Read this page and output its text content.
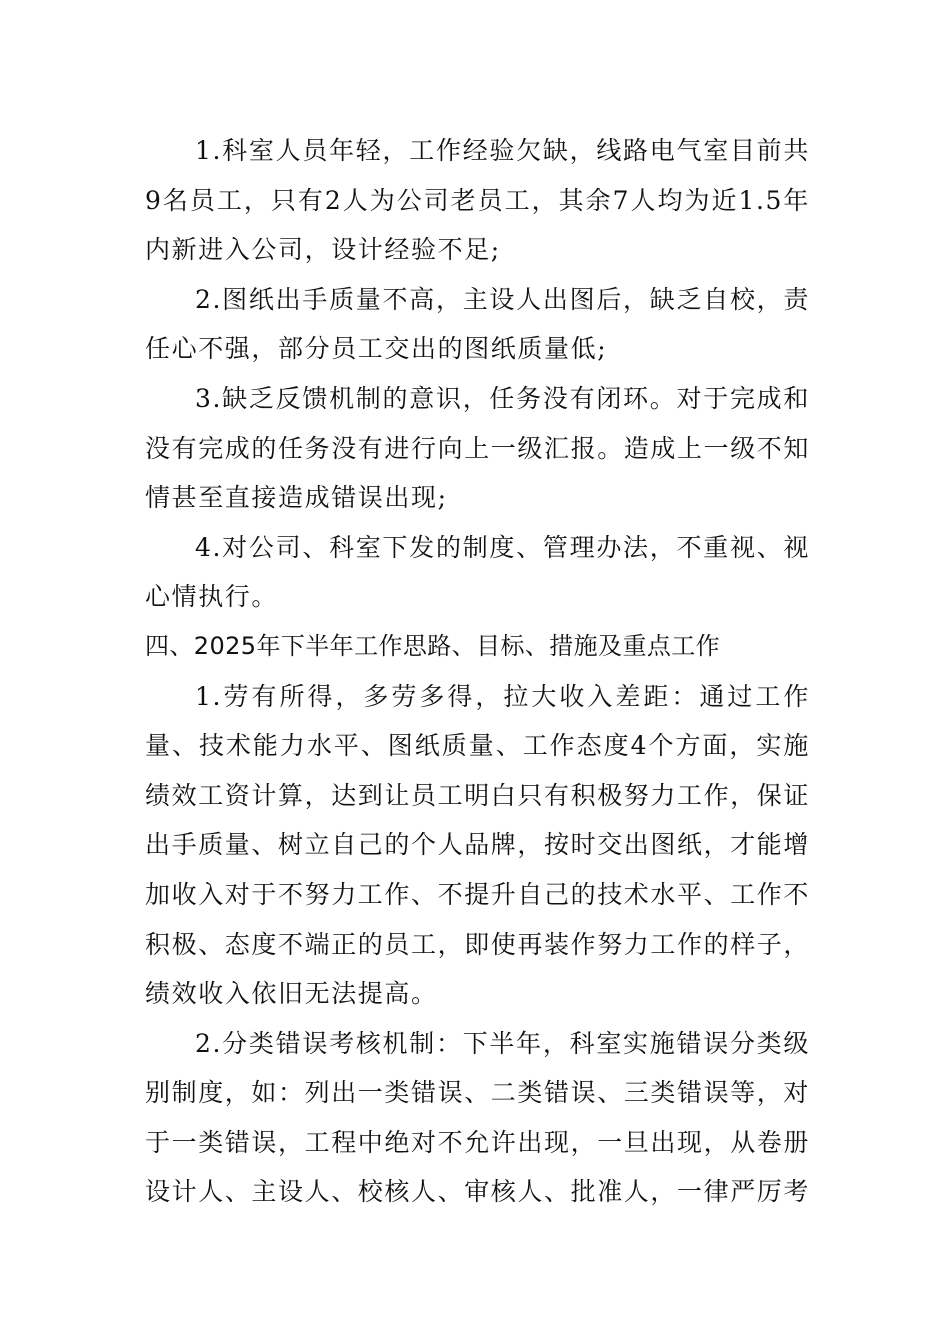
1.科室人员年轻，工作经验欠缺，线路电气室目前共9名员工，只有2人为公司老员工，其余7人均为近1.5年内新进入公司，设计经验不足;

2.图纸出手质量不高，主设人出图后，缺乏自校，责任心不强，部分员工交出的图纸质量低;

3.缺乏反馈机制的意识，任务没有闭环。对于完成和没有完成的任务没有进行向上一级汇报。造成上一级不知情甚至直接造成错误出现;

4.对公司、科室下发的制度、管理办法，不重视、视心情执行。

四、2025年下半年工作思路、目标、措施及重点工作

1.劳有所得，多劳多得，拉大收入差距：通过工作量、技术能力水平、图纸质量、工作态度4个方面，实施绩效工资计算，达到让员工明白只有积极努力工作，保证出手质量、树立自己的个人品牌，按时交出图纸，才能增加收入对于不努力工作、不提升自己的技术水平、工作不积极、态度不端正的员工，即使再装作努力工作的样子，绩效收入依旧无法提高。

2.分类错误考核机制：下半年，科室实施错误分类级别制度，如：列出一类错误、二类错误、三类错误等，对于一类错误，工程中绝对不允许出现，一旦出现，从卷册设计人、主设人、校核人、审核人、批准人，一律严厉考
